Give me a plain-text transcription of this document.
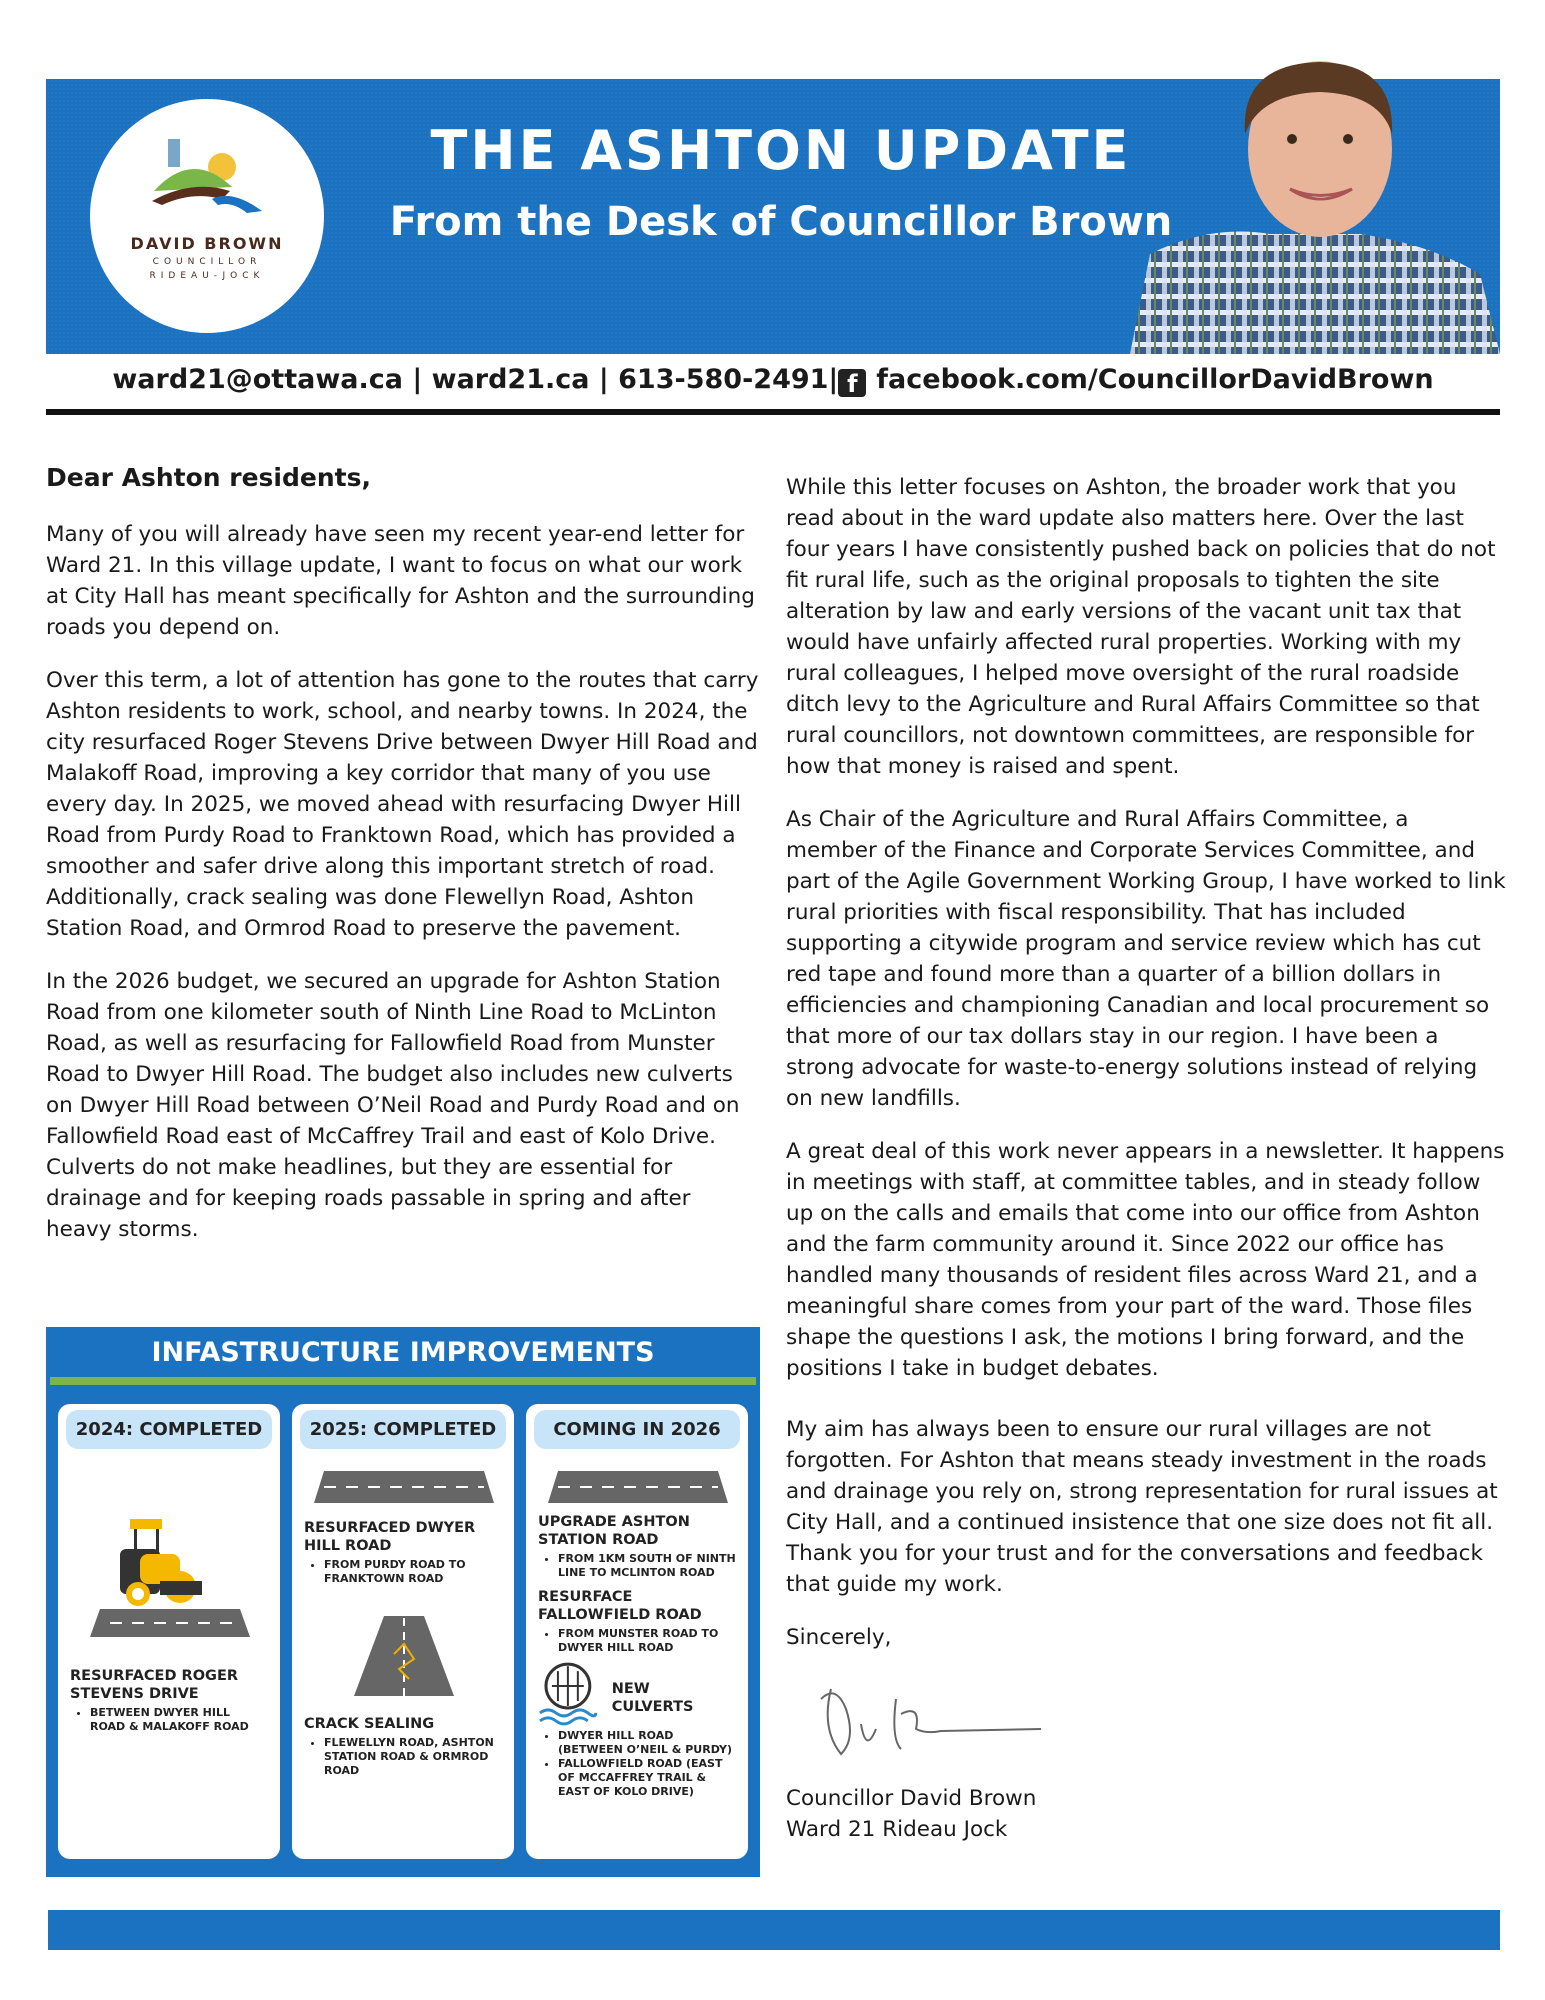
DAVID BROWN
COUNCILLOR
RIDEAU-JOCK
THE ASHTON UPDATE
From the Desk of Councillor Brown
ward21@ottawa.ca | ward21.ca | 613-580-2491| f facebook.com/CouncillorDavidBrown
Dear Ashton residents,

Many of you will already have seen my recent year-end letter for Ward 21. In this village update, I want to focus on what our work at City Hall has meant specifically for Ashton and the surrounding roads you depend on.

Over this term, a lot of attention has gone to the routes that carry Ashton residents to work, school, and nearby towns. In 2024, the city resurfaced Roger Stevens Drive between Dwyer Hill Road and Malakoff Road, improving a key corridor that many of you use every day. In 2025, we moved ahead with resurfacing Dwyer Hill Road from Purdy Road to Franktown Road, which has provided a smoother and safer drive along this important stretch of road. Additionally, crack sealing was done Flewellyn Road, Ashton Station Road, and Ormrod Road to preserve the pavement.

In the 2026 budget, we secured an upgrade for Ashton Station Road from one kilometer south of Ninth Line Road to McLinton Road, as well as resurfacing for Fallowfield Road from Munster Road to Dwyer Hill Road. The budget also includes new culverts on Dwyer Hill Road between O’Neil Road and Purdy Road and on Fallowfield Road east of McCaffrey Trail and east of Kolo Drive. Culverts do not make headlines, but they are essential for drainage and for keeping roads passable in spring and after heavy storms.

INFASTRUCTURE IMPROVEMENTS
2024: COMPLETED
RESURFACED ROGER STEVENS DRIVE
• BETWEEN DWYER HILL ROAD & MALAKOFF ROAD
2025: COMPLETED
RESURFACED DWYER HILL ROAD
• FROM PURDY ROAD TO FRANKTOWN ROAD
CRACK SEALING
• FLEWELLYN ROAD, ASHTON STATION ROAD & ORMROD ROAD
COMING IN 2026
UPGRADE ASHTON STATION ROAD
• FROM 1KM SOUTH OF NINTH LINE TO MCLINTON ROAD
RESURFACE FALLOWFIELD ROAD
• FROM MUNSTER ROAD TO DWYER HILL ROAD
NEW CULVERTS
• DWYER HILL ROAD (BETWEEN O’NEIL & PURDY)
• FALLOWFIELD ROAD (EAST OF MCCAFFREY TRAIL & EAST OF KOLO DRIVE)

While this letter focuses on Ashton, the broader work that you read about in the ward update also matters here. Over the last four years I have consistently pushed back on policies that do not fit rural life, such as the original proposals to tighten the site alteration by law and early versions of the vacant unit tax that would have unfairly affected rural properties. Working with my rural colleagues, I helped move oversight of the rural roadside ditch levy to the Agriculture and Rural Affairs Committee so that rural councillors, not downtown committees, are responsible for how that money is raised and spent.

As Chair of the Agriculture and Rural Affairs Committee, a member of the Finance and Corporate Services Committee, and part of the Agile Government Working Group, I have worked to link rural priorities with fiscal responsibility. That has included supporting a citywide program and service review which has cut red tape and found more than a quarter of a billion dollars in efficiencies and championing Canadian and local procurement so that more of our tax dollars stay in our region. I have been a strong advocate for waste-to-energy solutions instead of relying on new landfills.

A great deal of this work never appears in a newsletter. It happens in meetings with staff, at committee tables, and in steady follow up on the calls and emails that come into our office from Ashton and the farm community around it. Since 2022 our office has handled many thousands of resident files across Ward 21, and a meaningful share comes from your part of the ward. Those files shape the questions I ask, the motions I bring forward, and the positions I take in budget debates.

My aim has always been to ensure our rural villages are not forgotten. For Ashton that means steady investment in the roads and drainage you rely on, strong representation for rural issues at City Hall, and a continued insistence that one size does not fit all. Thank you for your trust and for the conversations and feedback that guide my work.

Sincerely,

Councillor David Brown
Ward 21 Rideau Jock
